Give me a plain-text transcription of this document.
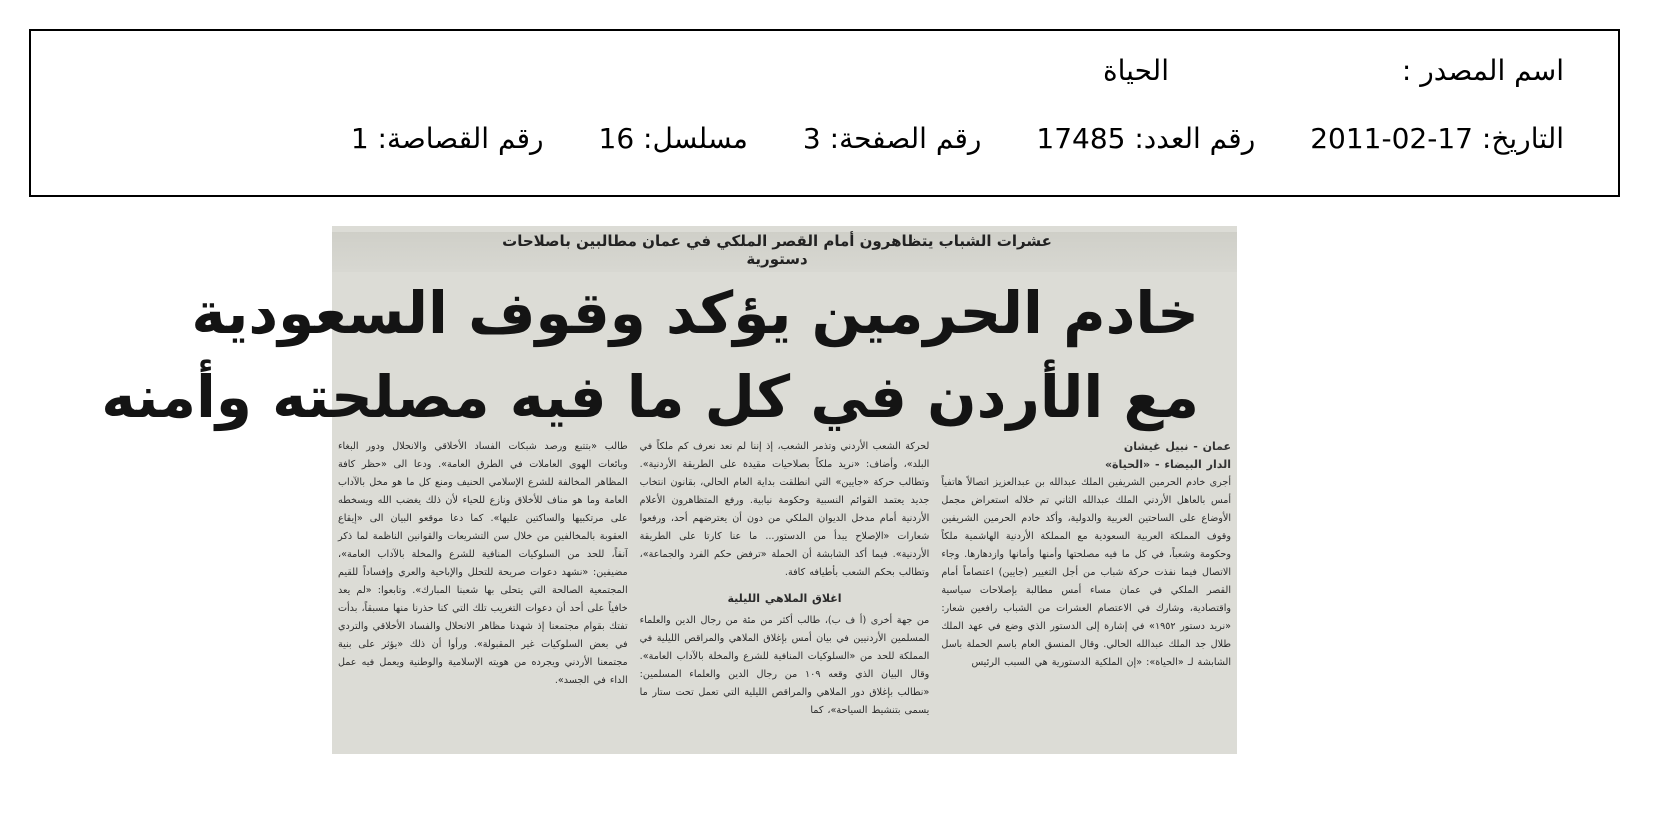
اسم المصدر :الحياة
التاريخ: 17-02-2011رقم العدد: 17485رقم الصفحة: 3مسلسل: 16رقم القصاصة: 1
عشرات الشباب يتظاهرون أمام القصر الملكي في عمان مطالبين باصلاحات دستورية
خادم الحرمين يؤكد وقوف السعودية
مع الأردن في كل ما فيه مصلحته وأمنه
عمان - نبيل غيشان
الدار البيضاء - «الحياة»
أجرى خادم الحرمين الشريفين الملك عبدالله بن عبدالعزيز اتصالاً هاتفياً أمس بالعاهل الأردني الملك عبدالله الثاني تم خلاله استعراض مجمل الأوضاع على الساحتين العربية والدولية، وأكد خادم الحرمين الشريفين وقوف المملكة العربية السعودية مع المملكة الأردنية الهاشمية ملكاً وحكومة وشعباً، في كل ما فيه مصلحتها وأمنها وأمانها وازدهارها. وجاء الاتصال فيما نفذت حركة شباب من أجل التغيير (جايين) اعتصاماً أمام القصر الملكي في عمان مساء أمس مطالبة بإصلاحات سياسية واقتصادية، وشارك في الاعتصام العشرات من الشباب رافعين شعار: «نريد دستور ١٩٥٢» في إشارة إلى الدستور الذي وضع في عهد الملك طلال جد الملك عبدالله الحالي. وقال المنسق العام باسم الحملة باسل الشابشة لـ «الحياة»: «إن الملكية الدستورية هي السبب الرئيس
لحركة الشعب الأردني وتذمر الشعب، إذ إننا لم نعد نعرف كم ملكاً في البلد»، وأضاف: «نريد ملكاً بصلاحيات مقيدة على الطريقة الأردنية». وتطالب حركة «جايين» التي انطلقت بداية العام الحالي، بقانون انتخاب جديد يعتمد القوائم النسبية وحكومة نيابية. ورفع المتظاهرون الأعلام الأردنية أمام مدخل الديوان الملكي من دون أن يعترضهم أحد، ورفعوا شعارات «الإصلاح يبدأ من الدستور... ما عنا كارتا على الطريقة الأردنية». فيما أكد الشابشة أن الحملة «ترفض حكم الفرد والجماعة»، وتطالب بحكم الشعب بأطيافه كافة.
اغلاق الملاهي الليلية
من جهة أخرى (أ ف ب)، طالب أكثر من مئة من رجال الدين والعلماء المسلمين الأردنيين في بيان أمس بإغلاق الملاهي والمراقص الليلية في المملكة للحد من «السلوكيات المنافية للشرع والمخلة بالآداب العامة». وقال البيان الذي وقعه ١٠٩ من رجال الدين والعلماء المسلمين: «نطالب بإغلاق دور الملاهي والمراقص الليلية التي تعمل تحت ستار ما يسمى بتنشيط السياحة»، كما
طالب «بتتبع ورصد شبكات الفساد الأخلاقي والانحلال ودور البغاء وبائعات الهوى العاملات في الطرق العامة». ودعا الى «حظر كافة المظاهر المخالفة للشرع الإسلامي الحنيف ومنع كل ما هو مخل بالآداب العامة وما هو مناف للأخلاق ونازع للحياء لأن ذلك يغضب الله ويسخطه على مرتكبيها والساكتين عليها». كما دعا موقعو البيان الى «إيقاع العقوبة بالمخالفين من خلال سن التشريعات والقوانين الناظمة لما ذكر آنفاً، للحد من السلوكيات المنافية للشرع والمخلة بالآداب العامة»، مضيفين: «نشهد دعوات صريحة للتحلل والإباحية والعري وإفساداً للقيم المجتمعية الصالحة التي يتحلى بها شعبنا المبارك». وتابعوا: «لم يعد خافياً على أحد أن دعوات التغريب تلك التي كنا حذرنا منها مسبقاً، بدأت تفتك بقوام مجتمعنا إذ شهدنا مظاهر الانحلال والفساد الأخلاقي والتردي في بعض السلوكيات غير المقبولة». ورأوا أن ذلك «يؤثر على بنية مجتمعنا الأردني ويجرده من هويته الإسلامية والوطنية ويعمل فيه عمل الداء في الجسد».
